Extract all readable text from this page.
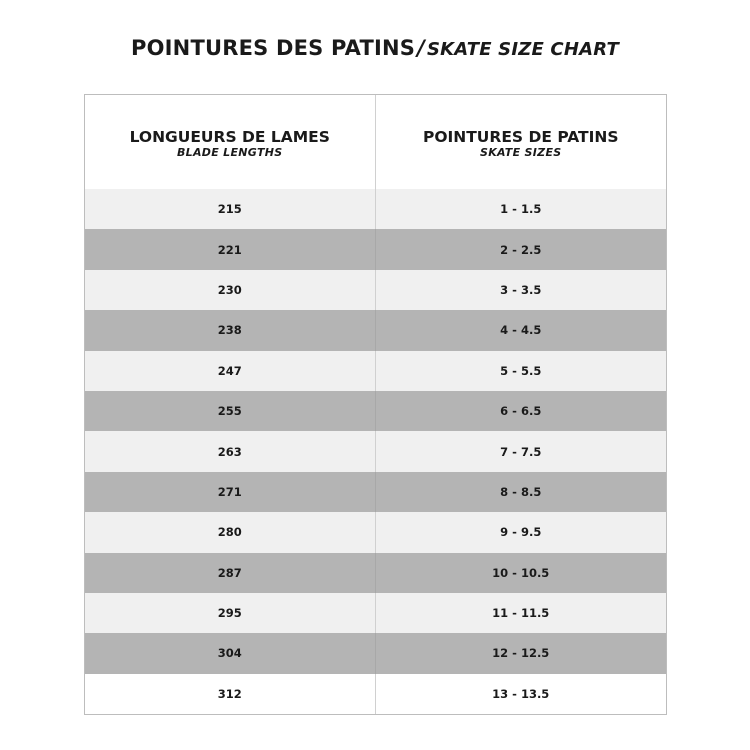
POINTURES DES PATINS/ SKATE SIZE CHART
LONGUEURS DE LAMES
BLADE LENGTHS
POINTURES DE PATINS
SKATE SIZES
215	1 - 1.5
221	2 - 2.5
230	3 - 3.5
238	4 - 4.5
247	5 - 5.5
255	6 - 6.5
263	7 - 7.5
271	8 - 8.5
280	9 - 9.5
287	10 - 10.5
295	11 - 11.5
304	12 - 12.5
312	13 - 13.5
